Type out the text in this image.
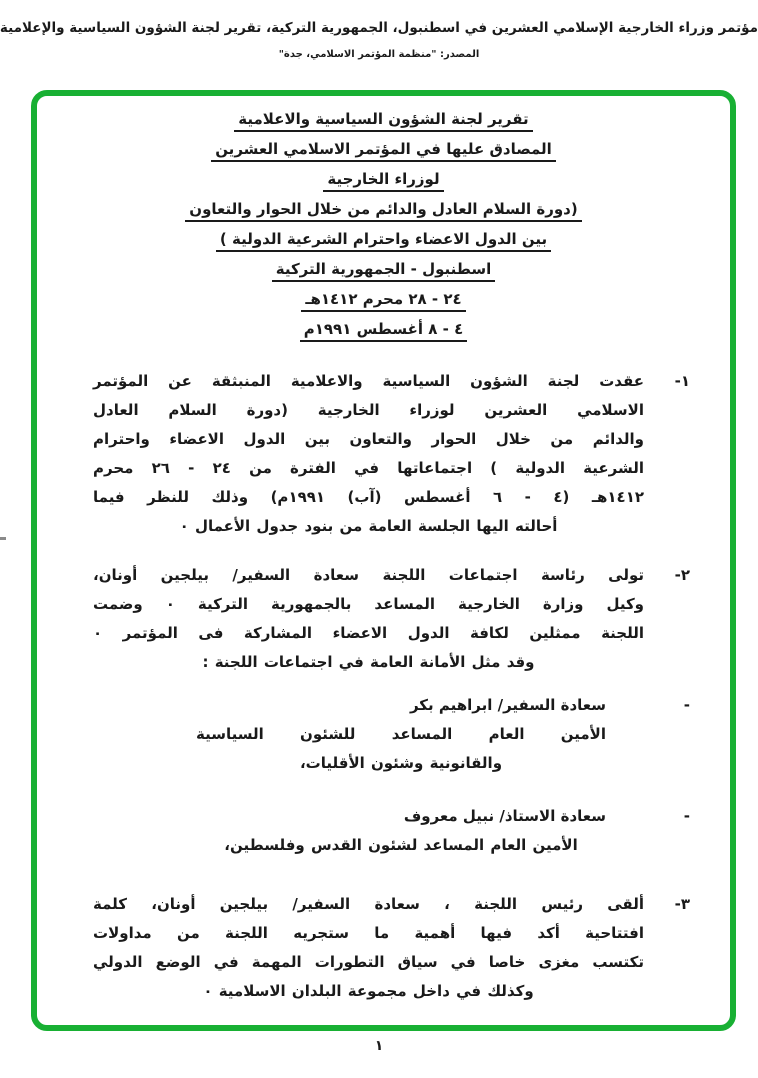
مؤتمر وزراء الخارجية الإسلامي العشرين في اسطنبول، الجمهورية التركية، تقرير لجنة الشؤون السياسية والإعلامية
المصدر: "منظمة المؤتمر الاسلامي، جدة"
تقرير لجنة الشؤون السياسية والاعلامية
المصادق عليها في المؤتمر الاسلامي العشرين
لوزراء الخارجية
(دورة السلام العادل والدائم من خلال الحوار والتعاون
بين الدول الاعضاء واحترام الشرعية الدولية )
اسطنبول - الجمهورية التركية
٢٤ - ٢٨ محرم ١٤١٢هـ
٤ - ٨ أغسطس ١٩٩١م
١-
عقدت لجنة الشؤون السياسية والاعلامية المنبثقة عن المؤتمر
الاسلامي العشرين لوزراء الخارجية (دورة السلام العادل
والدائم من خلال الحوار والتعاون بين الدول الاعضاء واحترام
الشرعية الدولية ) اجتماعاتها في الفترة من ٢٤ - ٢٦ محرم
١٤١٢هـ (٤ - ٦ أغسطس (آب) ١٩٩١م) وذلك للنظر فيما
أحالته اليها الجلسة العامة من بنود جدول الأعمال ٠
٢-
تولى رئاسة اجتماعات اللجنة سعادة السفير/ بيلجين أونان،
وكيل وزارة الخارجية المساعد بالجمهورية التركية ٠ وضمت
اللجنة ممثلين لكافة الدول الاعضاء المشاركة فى المؤتمر ٠
وقد مثل الأمانة العامة في اجتماعات اللجنة :
-
سعادة السفير/ ابراهيم بكر
الأمين العام المساعد للشئون السياسية
والقانونية وشئون الأقليات،
-
سعادة الاستاذ/ نبيل معروف
الأمين العام المساعد لشئون القدس وفلسطين،
٣-
ألقى رئيس اللجنة ، سعادة السفير/ بيلجين أونان، كلمة
افتتاحية أكد فيها أهمية ما ستجريه اللجنة من مداولات
تكتسب مغزى خاصا في سياق التطورات المهمة في الوضع الدولي
وكذلك في داخل مجموعة البلدان الاسلامية ٠
١
